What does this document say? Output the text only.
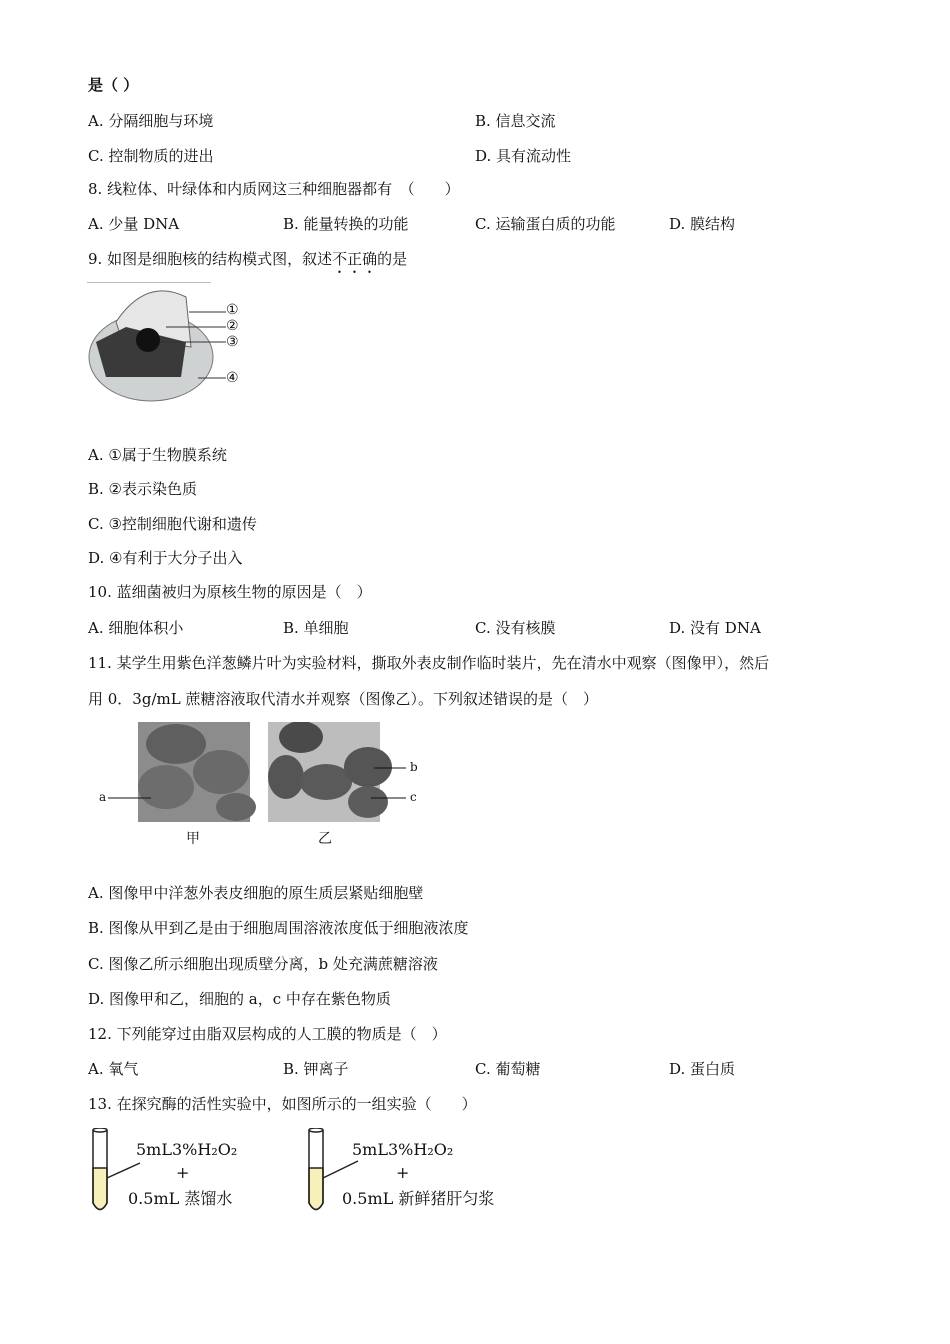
是（ ）
A. 分隔细胞与环境	B. 信息交流
C. 控制物质的进出	D. 具有流动性
8. 线粒体、叶绿体和内质网这三种细胞器都有　（　　）
A. 少量 DNA	B. 能量转换的功能	C. 运输蛋白质的功能	D. 膜结构
9. 如图是细胞核的结构模式图，叙述不正确的是
①
②
③
④
A. ①属于生物膜系统
B. ②表示染色质
C. ③控制细胞代谢和遗传
D. ④有利于大分子出入
10. 蓝细菌被归为原核生物的原因是（　）
A. 细胞体积小	B. 单细胞	C. 没有核膜	D. 没有 DNA
11. 某学生用紫色洋葱鳞片叶为实验材料，撕取外表皮制作临时装片，先在清水中观察（图像甲），然后
用 0．3g/mL 蔗糖溶液取代清水并观察（图像乙）。下列叙述错误的是（　）
a
b
c
甲	乙
A. 图像甲中洋葱外表皮细胞的原生质层紧贴细胞壁
B. 图像从甲到乙是由于细胞周围溶液浓度低于细胞液浓度
C. 图像乙所示细胞出现质壁分离，b 处充满蔗糖溶液
D. 图像甲和乙，细胞的 a，c 中存在紫色物质
12. 下列能穿过由脂双层构成的人工膜的物质是（　）
A. 氧气	B. 钾离子	C. 葡萄糖	D. 蛋白质
13. 在探究酶的活性实验中，如图所示的一组实验（　　）
5mL3%H₂O₂
+
0.5mL 蒸馏水
5mL3%H₂O₂
+
0.5mL 新鲜猪肝匀浆
